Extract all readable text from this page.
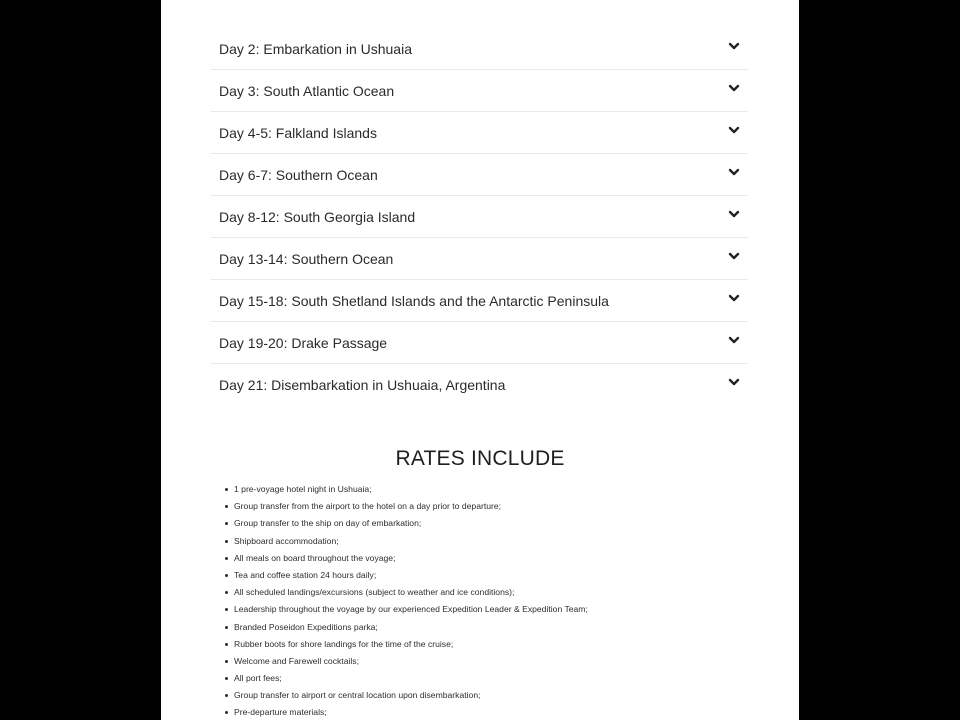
Day 2: Embarkation in Ushuaia
Day 3: South Atlantic Ocean
Day 4-5: Falkland Islands
Day 6-7: Southern Ocean
Day 8-12: South Georgia Island
Day 13-14: Southern Ocean
Day 15-18: South Shetland Islands and the Antarctic Peninsula
Day 19-20: Drake Passage
Day 21: Disembarkation in Ushuaia, Argentina
RATES INCLUDE
1 pre-voyage hotel night in Ushuaia;
Group transfer from the airport to the hotel on a day prior to departure;
Group transfer to the ship on day of embarkation;
Shipboard accommodation;
All meals on board throughout the voyage;
Tea and coffee station 24 hours daily;
All scheduled landings/excursions (subject to weather and ice conditions);
Leadership throughout the voyage by our experienced Expedition Leader & Expedition Team;
Branded Poseidon Expeditions parka;
Rubber boots for shore landings for the time of the cruise;
Welcome and Farewell cocktails;
All port fees;
Group transfer to airport or central location upon disembarkation;
Pre-departure materials;
